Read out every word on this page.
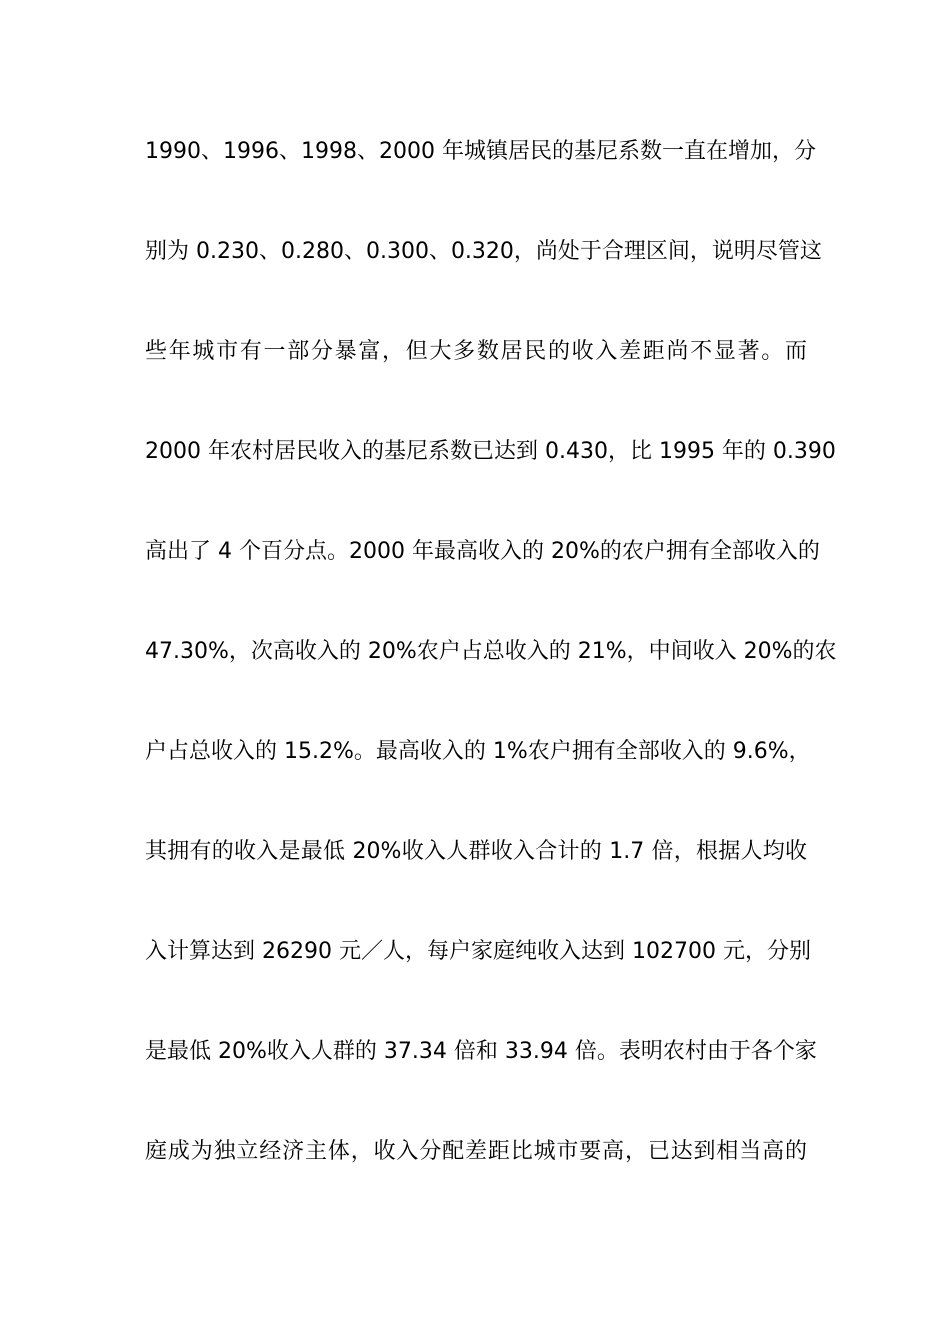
1990、1996、1998、2000 年城镇居民的基尼系数一直在增加，分
别为 0.230、0.280、0.300、0.320，尚处于合理区间，说明尽管这
些年城市有一部分暴富，但大多数居民的收入差距尚不显著。而
2000 年农村居民收入的基尼系数已达到 0.430，比 1995 年的 0.390
高出了 4 个百分点。2000 年最高收入的 20%的农户拥有全部收入的
47.30%，次高收入的 20%农户占总收入的 21%，中间收入 20%的农
户占总收入的 15.2%。最高收入的 1%农户拥有全部收入的 9.6%，
其拥有的收入是最低 20%收入人群收入合计的 1.7 倍，根据人均收
入计算达到 26290 元／人，每户家庭纯收入达到 102700 元，分别
是最低 20%收入人群的 37.34 倍和 33.94 倍。表明农村由于各个家
庭成为独立经济主体，收入分配差距比城市要高，已达到相当高的
